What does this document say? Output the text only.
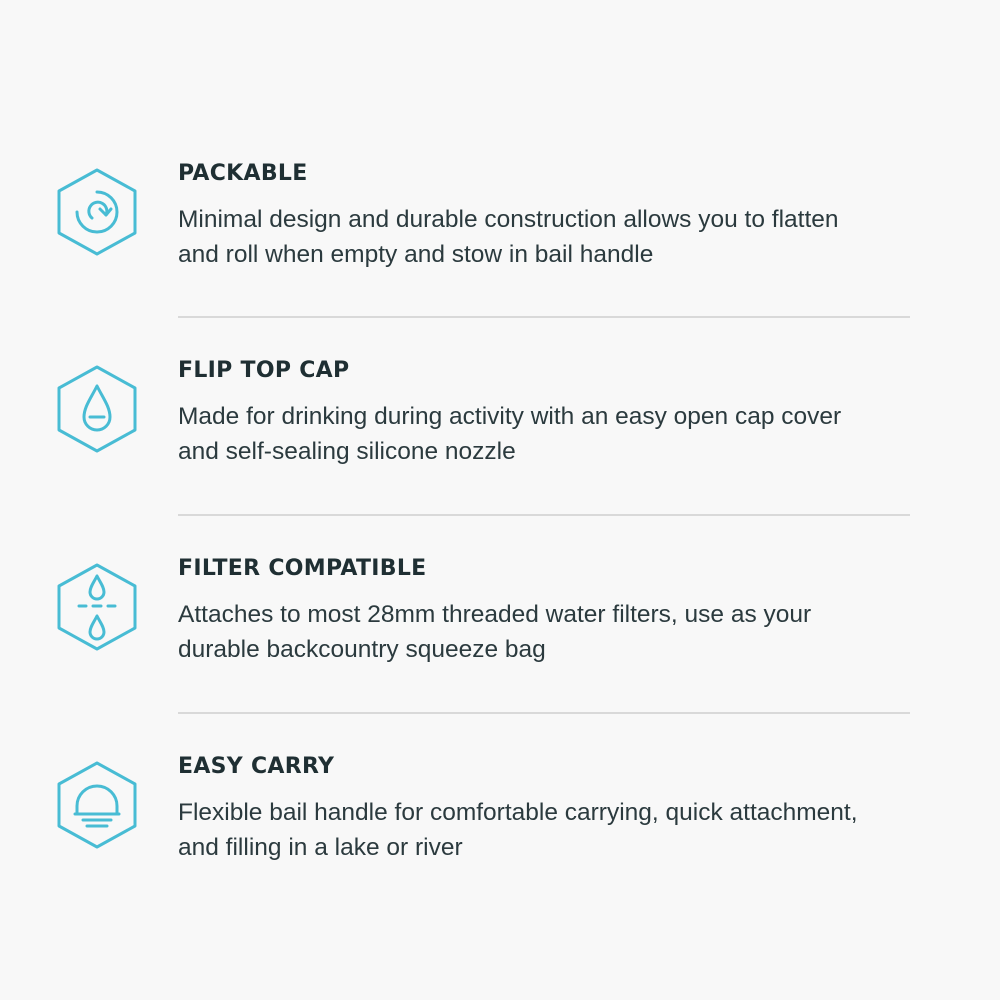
PACKABLE
Minimal design and durable construction allows you to flatten
and roll when empty and stow in bail handle
FLIP TOP CAP
Made for drinking during activity with an easy open cap cover
and self-sealing silicone nozzle
FILTER COMPATIBLE
Attaches to most 28mm threaded water filters, use as your
durable backcountry squeeze bag
EASY CARRY
Flexible bail handle for comfortable carrying, quick attachment,
and filling in a lake or river
